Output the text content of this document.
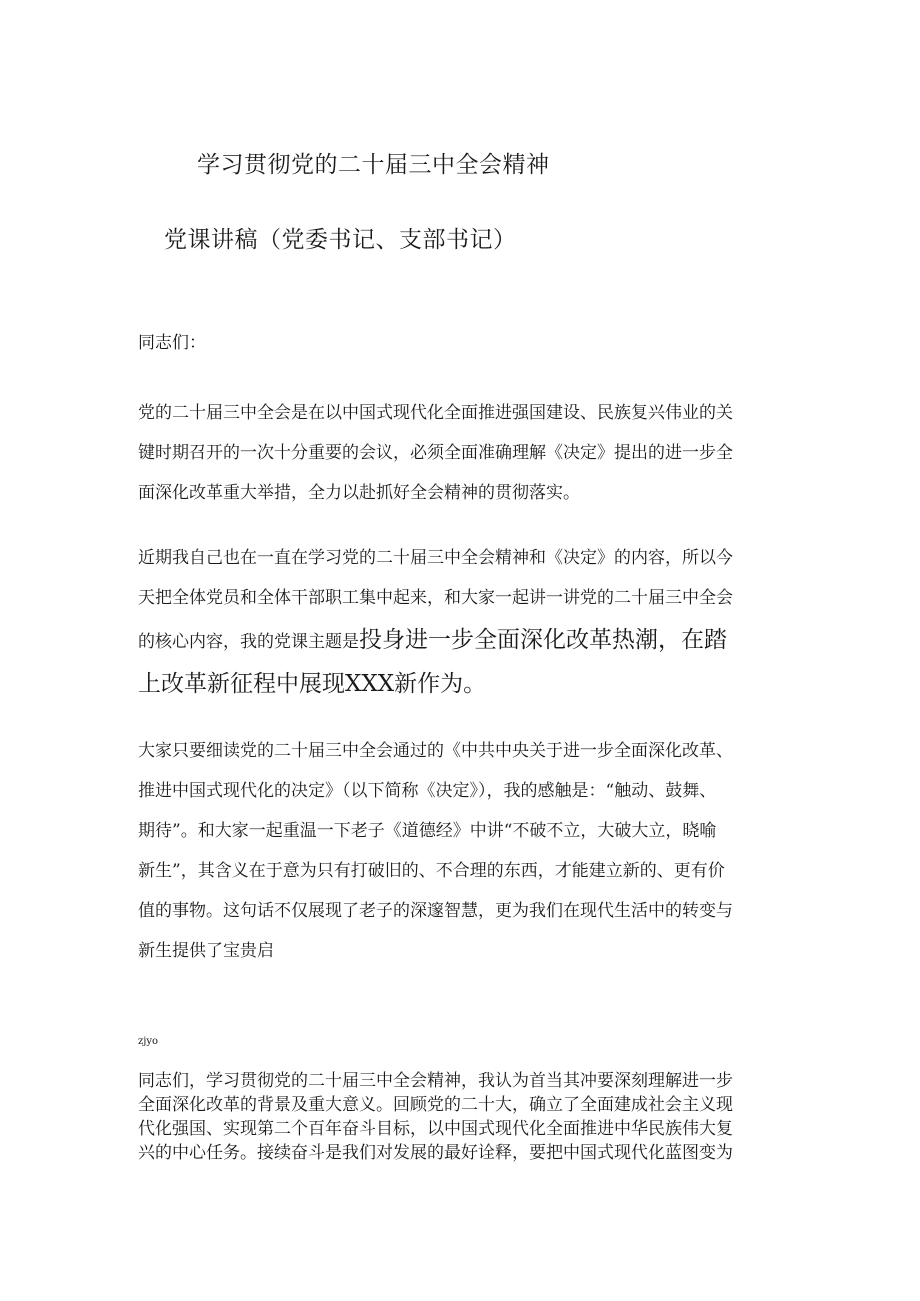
学习贯彻党的二十届三中全会精神
党课讲稿（党委书记、支部书记）
同志们：
党的二十届三中全会是在以中国式现代化全面推进强国建设、民族复兴伟业的关
键时期召开的一次十分重要的会议，必须全面准确理解《决定》提出的进一步全
面深化改革重大举措，全力以赴抓好全会精神的贯彻落实。
近期我自己也在一直在学习党的二十届三中全会精神和《决定》的内容，所以今
天把全体党员和全体干部职工集中起来，和大家一起讲一讲党的二十届三中全会
的核心内容，我的党课主题是投身进一步全面深化改革热潮，在踏
上改革新征程中展现XXX新作为。
大家只要细读党的二十届三中全会通过的《中共中央关于进一步全面深化改革、
推进中国式现代化的决定》（以下简称《决定》），我的感触是：“触动、鼓舞、
期待”。和大家一起重温一下老子《道德经》中讲“不破不立，大破大立，晓喻
新生”，其含义在于意为只有打破旧的、不合理的东西，才能建立新的、更有价
值的事物。这句话不仅展现了老子的深邃智慧，更为我们在现代生活中的转变与
新生提供了宝贵启
zjyo
同志们，学习贯彻党的二十届三中全会精神，我认为首当其冲要深刻理解进一步
全面深化改革的背景及重大意义。回顾党的二十大，确立了全面建成社会主义现
代化强国、实现第二个百年奋斗目标，以中国式现代化全面推进中华民族伟大复
兴的中心任务。接续奋斗是我们对发展的最好诠释，要把中国式现代化蓝图变为
